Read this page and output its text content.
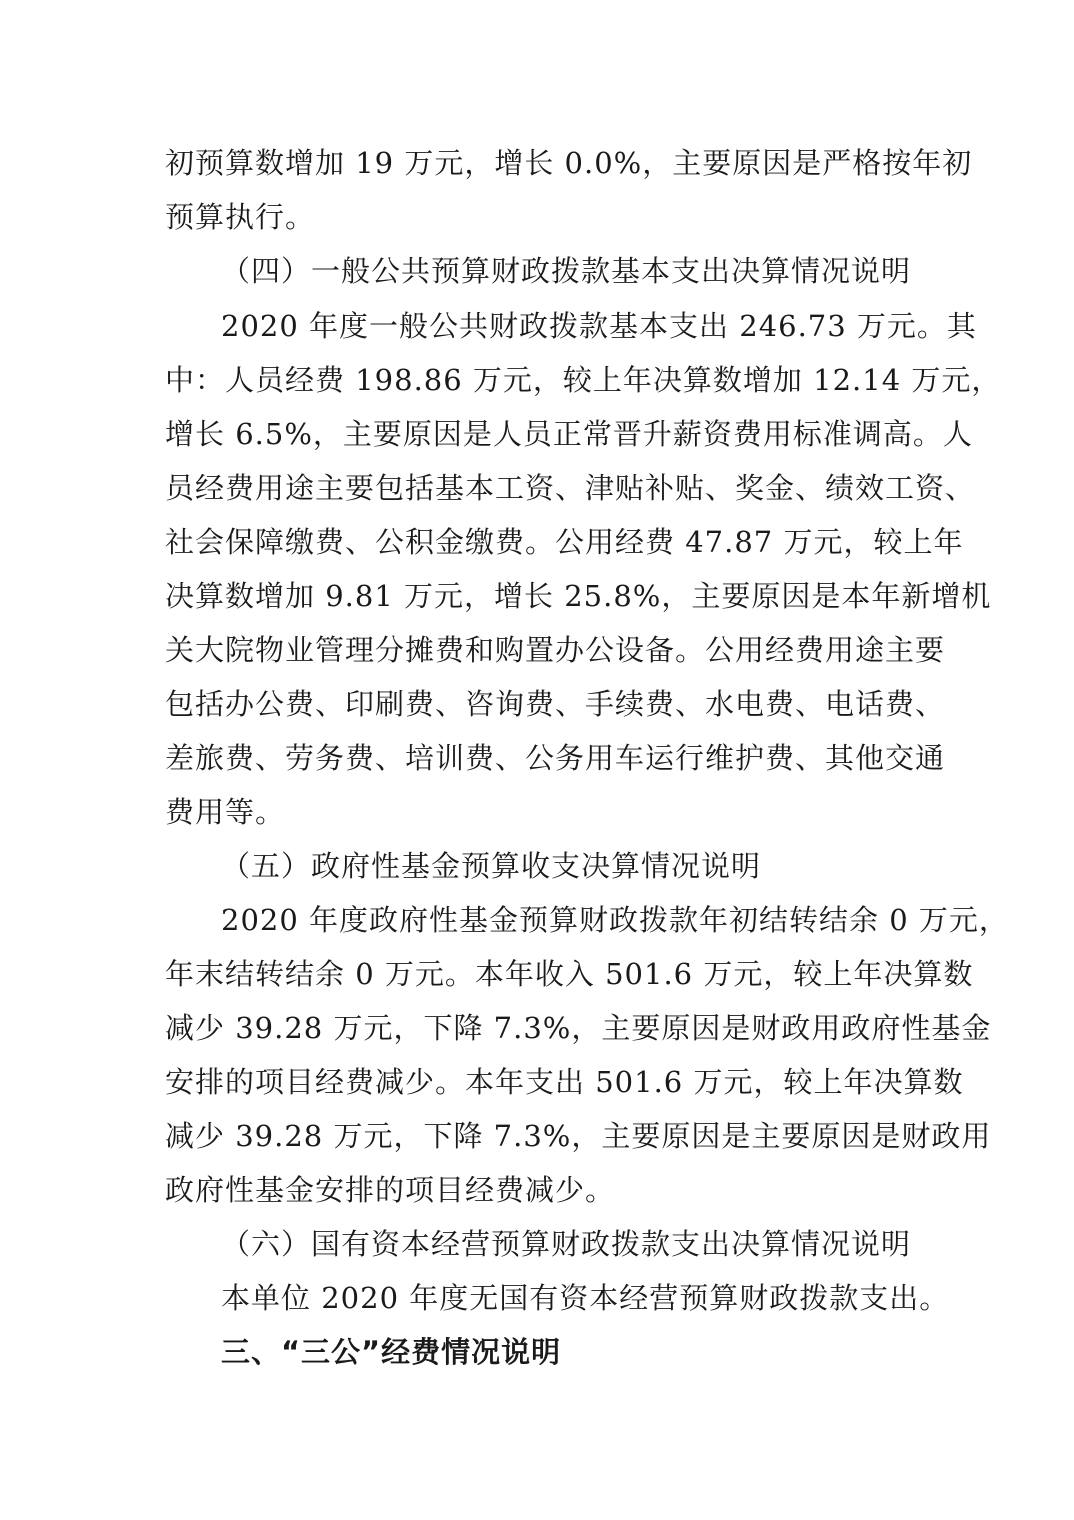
初预算数增加 19 万元，增长 0.0%，主要原因是严格按年初
预算执行。
（四）一般公共预算财政拨款基本支出决算情况说明
2020 年度一般公共财政拨款基本支出 246.73 万元。其
中：人员经费 198.86 万元，较上年决算数增加 12.14 万元，
增长 6.5%，主要原因是人员正常晋升薪资费用标准调高。人
员经费用途主要包括基本工资、津贴补贴、奖金、绩效工资、
社会保障缴费、公积金缴费。公用经费 47.87 万元，较上年
决算数增加 9.81 万元，增长 25.8%，主要原因是本年新增机
关大院物业管理分摊费和购置办公设备。公用经费用途主要
包括办公费、印刷费、咨询费、手续费、水电费、电话费、
差旅费、劳务费、培训费、公务用车运行维护费、其他交通
费用等。
（五）政府性基金预算收支决算情况说明
2020 年度政府性基金预算财政拨款年初结转结余 0 万元，
年末结转结余 0 万元。本年收入 501.6 万元，较上年决算数
减少 39.28 万元，下降 7.3%，主要原因是财政用政府性基金
安排的项目经费减少。本年支出 501.6 万元，较上年决算数
减少 39.28 万元，下降 7.3%，主要原因是主要原因是财政用
政府性基金安排的项目经费减少。
（六）国有资本经营预算财政拨款支出决算情况说明
本单位 2020 年度无国有资本经营预算财政拨款支出。
三、“三公”经费情况说明
